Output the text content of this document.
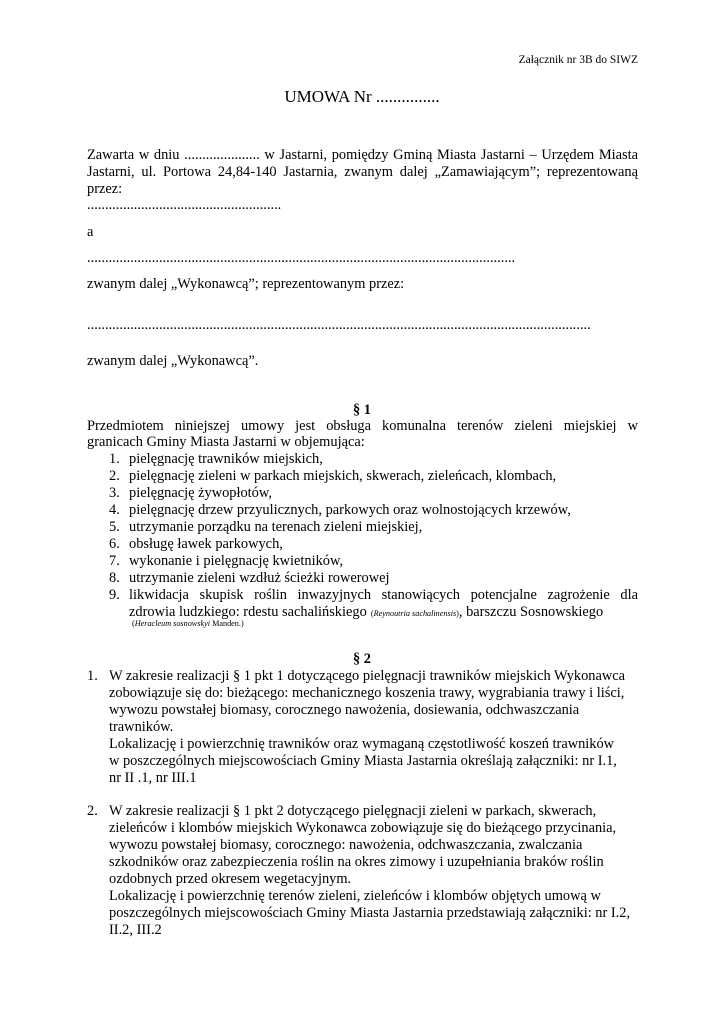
Załącznik nr 3B do SIWZ
UMOWA Nr ...............
Zawarta w dniu ..................... w Jastarni, pomiędzy Gminą Miasta Jastarni – Urzędem Miasta
Jastarni, ul. Portowa 24,84-140 Jastarnia, zwanym dalej „Zamawiającym”; reprezentowaną
przez:
......................................................
a
.......................................................................................................................
zwanym dalej „Wykonawcą”; reprezentowanym przez:
............................................................................................................................................
zwanym dalej „Wykonawcą”.
§ 1
Przedmiotem niniejszej umowy jest obsługa komunalna terenów zieleni miejskiej w
granicach Gminy Miasta Jastarni w objemująca:
1. pielęgnację trawników miejskich,
2. pielęgnację zieleni w parkach miejskich, skwerach, zieleńcach, klombach,
3. pielęgnację żywopłotów,
4. pielęgnację drzew przyulicznych, parkowych oraz wolnostojących krzewów,
5. utrzymanie porządku na terenach zieleni miejskiej,
6. obsługę ławek parkowych,
7. wykonanie i pielęgnację kwietników,
8. utrzymanie zieleni wzdłuż ścieżki rowerowej
9. likwidacja skupisk roślin inwazyjnych stanowiących potencjalne zagrożenie dla
zdrowia ludzkiego: rdestu sachalińskiego (Reynoutria sachalinensis), barszczu Sosnowskiego
(Heracleum sosnowskyi Manden.)
§ 2
1. W zakresie realizacji § 1 pkt 1 dotyczącego pielęgnacji trawników miejskich Wykonawca
zobowiązuje się do: bieżącego: mechanicznego koszenia trawy, wygrabiania trawy i liści,
wywozu powstałej biomasy, corocznego nawożenia, dosiewania, odchwaszczania
trawników.
Lokalizację i powierzchnię trawników oraz wymaganą częstotliwość koszeń trawników
w poszczególnych miejscowościach Gminy Miasta Jastarnia określają załączniki: nr I.1,
nr II .1, nr III.1
2. W zakresie realizacji § 1 pkt 2 dotyczącego pielęgnacji zieleni w parkach, skwerach,
zieleńców i klombów miejskich Wykonawca zobowiązuje się do bieżącego przycinania,
wywozu powstałej biomasy, corocznego: nawożenia, odchwaszczania, zwalczania
szkodników oraz zabezpieczenia roślin na okres zimowy i uzupełniania braków roślin
ozdobnych przed okresem wegetacyjnym.
Lokalizację i powierzchnię terenów zieleni, zieleńców i klombów objętych umową w
poszczególnych miejscowościach Gminy Miasta Jastarnia przedstawiają załączniki: nr I.2,
II.2, III.2
